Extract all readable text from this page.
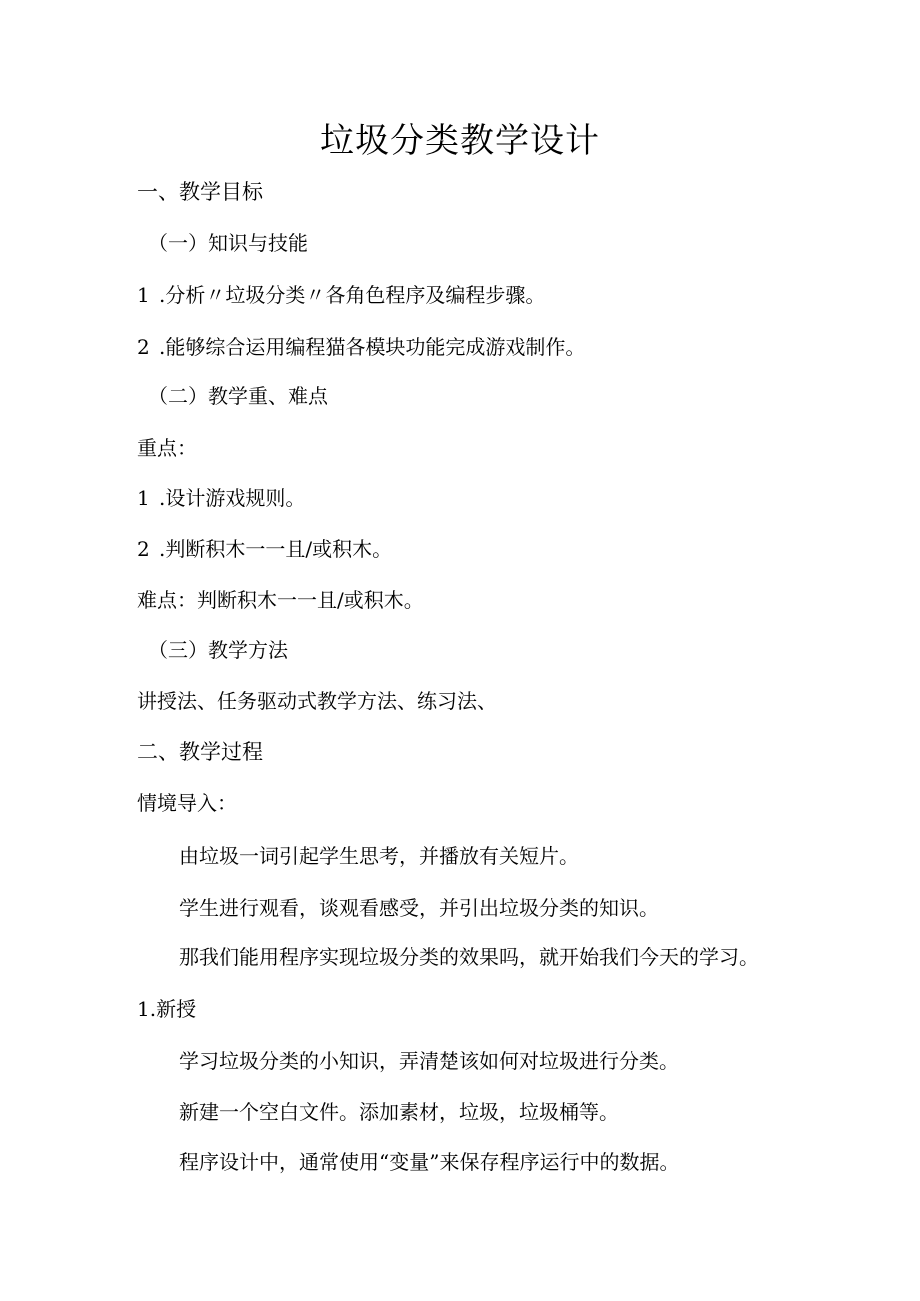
垃圾分类教学设计
一、教学目标
（一）知识与技能
1 .分析〃垃圾分类〃各角色程序及编程步骤。
2 .能够综合运用编程猫各模块功能完成游戏制作。
（二）教学重、难点
重点：
1 .设计游戏规则。
2 .判断积木一一且/或积木。
难点：判断积木一一且/或积木。
（三）教学方法
讲授法、任务驱动式教学方法、练习法、
二、教学过程
情境导入：
由垃圾一词引起学生思考，并播放有关短片。
学生进行观看，谈观看感受，并引出垃圾分类的知识。
那我们能用程序实现垃圾分类的效果吗，就开始我们今天的学习。
1.新授
学习垃圾分类的小知识，弄清楚该如何对垃圾进行分类。
新建一个空白文件。添加素材，垃圾，垃圾桶等。
程序设计中，通常使用“变量”来保存程序运行中的数据。
